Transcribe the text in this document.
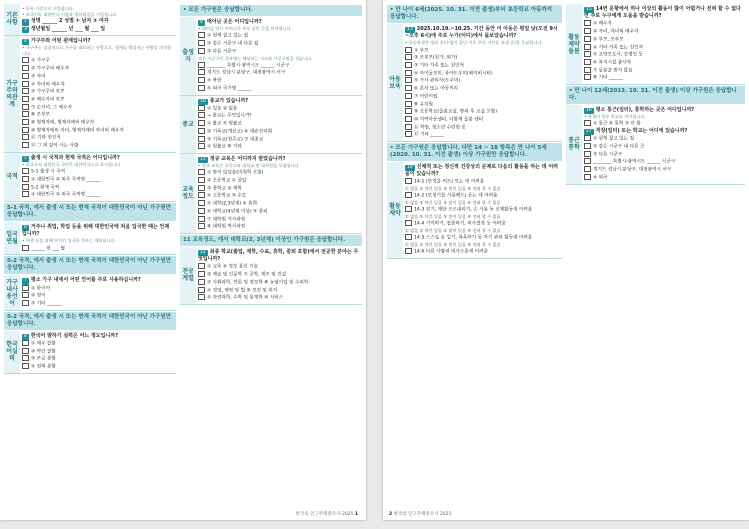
기본사항
• 등록 기준으로 기입합니다.
• 외국인도 대한민국 이름과 생년월일을 기입합니다.
1 성명 ______ 2 성별 ① 남자 ② 여자
3 생년월일 ______ 년 ___ 월 ___ 일
가구주와의관계
4 가구주와 어떤 관계입니까?
• 가구주는 실질적으로 가구를 대표하는 사람으로, 생계를 책임지는 사람을 의미합니다.
① 가구주
② 가구주의 배우자
③ 자녀
④ 자녀의 배우자
⑤ 가구주의 부모
⑥ 배우자의 부모
⑦ 손자녀, 그 배우자
⑧ 조부모
⑨ 형제자매, 형제자매의 배우자
⑩ 형제자매의 자녀, 형제자매의 자녀의 배우자
⑪ 기타 친인척
⑫ 그 외 같이 사는 사람
국적
5 출생 시 국적과 현재 국적은 어디입니까?
• 외국국적 대한민국 국민은 대한민국으로 표시합니다.
5-1 출생 시 국적
① 대한민국 ② 외국 국적명 ______
5-2 현재 국적
① 대한민국 ② 외국 국적명 ______
5-1 국적, 에서 출생 시 또는 현재 국적이 대한민국이 아닌 가구원만 응답합니다.
입국연월
6 거주나 취업, 학업 등을 위해 대한민국에 처음 입국한 때는 언제입니까?
• 여행 등을 위해 단기간 입국한 경우는 제외합니다.
______ 년 ___ 월
5-2 국적, 에서 출생 시 또는 현재 국적이 대한민국이 아닌 가구원만 응답합니다.
가구내사용언어
7 평소 가구 내에서 어떤 언어를 주로 사용하십니까?
① 한국어
② 영어
③ 기타 ______
5-2 국적, 에서 출생 시 또는 현재 국적이 대한민국이 아닌 가구원만 응답합니다.
한국어실력
8 한국어 말하기 실력은 어느 정도입니까?
① 매우 잘함
② 약간 잘함
③ 조금 못함
④ 전혀 못함
• 모든 가구원은 응답합니다.
출생지
9 태어난 곳은 어디입니까?
• 태어날 당시 어머니가 주로 살던 곳을 의미합니다.
① 현재 살고 있는 집
② 같은 시군구 내 다른 집
③ 다른 시군구
다른 시군구인 경우에는 해당되는 시도와 시군구명을 적습니다.
________ 특별시·광역시도 ______ 시군구
경기도 성남시 분당구, 대전광역시 서구
④ 북한
⑤ 외국 국가명 ______
종교
10 종교가 있습니까?
① 있음 ② 없음
→ 종교는 무엇입니까?
① 불교 ⑤ 원불교
② 기독교(개신교) ⑥ 대순진리회
③ 기독교(천주교) ⑦ 대종교
④ 원불교 ⑧ 기타
교육정도
11 정규 교육은 어디까지 받았습니까?
• 정규 교육은 초중고와 대학교 및 대학원을 포함합니다.
① 받지 않았음(미취학 포함)
② 초등학교 ① 졸업
③ 중학교 ② 재학
④ 고등학교 ③ 수료
⑤ 대학(2,3년제) ④ 휴학
⑥ 대학교(4년제 이상) ⑤ 중퇴
⑦ 대학원 석사과정
⑧ 대학원 박사과정
11 교육정도, 에서 대학교(2, 3년제) 이상인 가구원은 응답합니다.
전공계열
12 최종 학교(졸업, 재학, 수료, 휴학, 중퇴 포함)에서 전공한 분야는 무엇입니까?
① 교육 ⑥ 정보 통신 기술
② 예술 및 인문학 ⑦ 공학, 제조 및 건설
③ 사회과학, 언론 및 정보학 ⑧ 농림어업 및 수의학
④ 경영, 행정 및 법 ⑨ 보건 및 복지
⑤ 자연과학, 수학 및 통계학 ⑩ 서비스
한국의 인구주택총조사 2025 1
• 만 나이 6세(2025. 10. 31. 이전 출생)부터 초등학교 아동까지 응답합니다.
아동보육
13 2025.10.19.~10.25. 기간 동안 이 아동은 평일 낮(오전 9시~오후 6시)에 주로 누가(어디)에서 돌보았습니까?
• 초등학생은 방과 후(수업이 끝난 이후 주로 시간을 보낸 곳)을 응답합니다.
① 부모
② 조부모(친가, 외가)
③ 기타 가족 또는 친인척
④ 아이돌보미, 육아도우미(베이비시터)
⑤ 가사 관리사(도우미)
⑥ 혼자 또는 아동끼리
⑦ 어린이집
⑧ 유치원
⑨ 초등학교(돌봄교실, 방과 후 교실 포함)
⑩ 지역아동센터, 다함께 돌봄 센터
⑪ 학원, 청소년 수련원 등
⑫ 기타 ______
• 모든 가구원은 응답합니다. 다만 14 ~ 18 항목은 만 나이 5세(2020. 10. 31. 이전 출생) 이상 가구원만 응답합니다.
활동제약
14 신체적 또는 정신적 건강상의 문제로 다음의 활동을 하는 데 어려움이 있습니까?
14-1 (안경을 써도) 보는 데 어려움
① 없음 ② 약간 있음 ③ 많이 있음 ④ 전혀 할 수 없음
14-2 (보청기를 사용해도) 듣는 데 어려움
① 없음 ② 약간 있음 ③ 많이 있음 ④ 전혀 할 수 없음
14-3 걷기, 계단 오르내리기, 손 사용 등 신체활동에 어려움
① 없음 ② 약간 있음 ③ 많이 있음 ④ 전혀 할 수 없음
14-4 기억하기, 집중하기, 의사결정 등 어려움
① 없음 ② 약간 있음 ③ 많이 있음 ④ 전혀 할 수 없음
14-5 스스로 옷 입기, 목욕하기 등 자기 관리 활동에 어려움
① 없음 ② 약간 있음 ③ 많이 있음 ④ 전혀 할 수 없음
14-6 다른 사람과 의사소통에 어려움
활동제약돌봄
15 14번 문항에서 하나 이상의 활동이 많이 어렵거나 전혀 할 수 없다면 주로 누구에게 도움을 받습니까?
① 배우자
② 자녀, 자녀의 배우자
③ 부모, 조부모
④ 기타 가족 또는 친인척
⑤ 요양보호사, 간병인 등
⑥ 복지시설 종사자
⑦ 돌봄을 받지 않음
⑧ 기타 ______
• 만 나이 12세(2013. 10. 31. 이전 출생) 이상 가구원은 응답합니다.
통근통학
16 평소 통근(일터), 통학하는 곳은 어디입니까?
• 학생의 경우 학교를 의미합니다.
① 통근 ② 통학 ③ 안 함
17 직장(일터) 또는 학교는 어디에 있습니까?
① 현재 살고 있는 집
② 같은 시군구 내 다른 곳
③ 다른 시군구
________ 특별시·광역시도 ______ 시군구
경기도 성남시 분당구, 대전광역시 서구
④ 외국
2 한국의 인구주택총조사 2025
